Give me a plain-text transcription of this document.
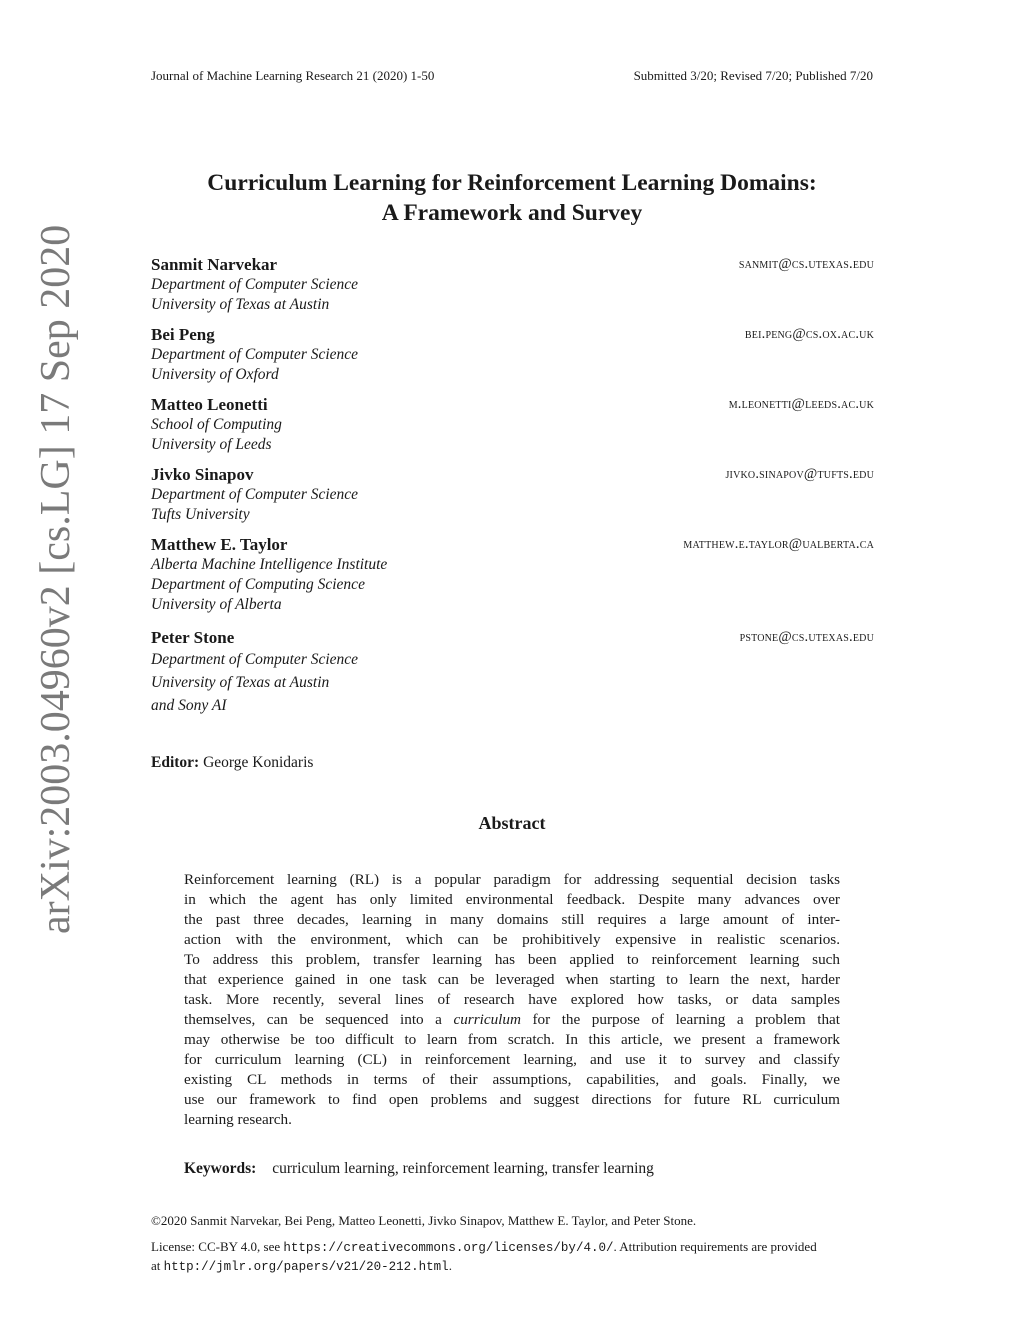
arXiv:2003.04960v2 [cs.LG] 17 Sep 2020
Journal of Machine Learning Research 21 (2020) 1-50	Submitted 3/20; Revised 7/20; Published 7/20
Curriculum Learning for Reinforcement Learning Domains:
A Framework and Survey
Sanmit Narvekar	sanmit@cs.utexas.edu
Department of Computer Science
University of Texas at Austin
Bei Peng	bei.peng@cs.ox.ac.uk
Department of Computer Science
University of Oxford
Matteo Leonetti	m.leonetti@leeds.ac.uk
School of Computing
University of Leeds
Jivko Sinapov	jivko.sinapov@tufts.edu
Department of Computer Science
Tufts University
Matthew E. Taylor	matthew.e.taylor@ualberta.ca
Alberta Machine Intelligence Institute
Department of Computing Science
University of Alberta
Peter Stone	pstone@cs.utexas.edu
Department of Computer Science
University of Texas at Austin
and Sony AI
Editor: George Konidaris
Abstract
Reinforcement learning (RL) is a popular paradigm for addressing sequential decision tasks
in which the agent has only limited environmental feedback. Despite many advances over
the past three decades, learning in many domains still requires a large amount of inter-
action with the environment, which can be prohibitively expensive in realistic scenarios.
To address this problem, transfer learning has been applied to reinforcement learning such
that experience gained in one task can be leveraged when starting to learn the next, harder
task. More recently, several lines of research have explored how tasks, or data samples
themselves, can be sequenced into a curriculum for the purpose of learning a problem that
may otherwise be too difficult to learn from scratch. In this article, we present a framework
for curriculum learning (CL) in reinforcement learning, and use it to survey and classify
existing CL methods in terms of their assumptions, capabilities, and goals. Finally, we
use our framework to find open problems and suggest directions for future RL curriculum
learning research.
Keywords: curriculum learning, reinforcement learning, transfer learning
©2020 Sanmit Narvekar, Bei Peng, Matteo Leonetti, Jivko Sinapov, Matthew E. Taylor, and Peter Stone.
License: CC-BY 4.0, see https://creativecommons.org/licenses/by/4.0/. Attribution requirements are provided
at http://jmlr.org/papers/v21/20-212.html.
